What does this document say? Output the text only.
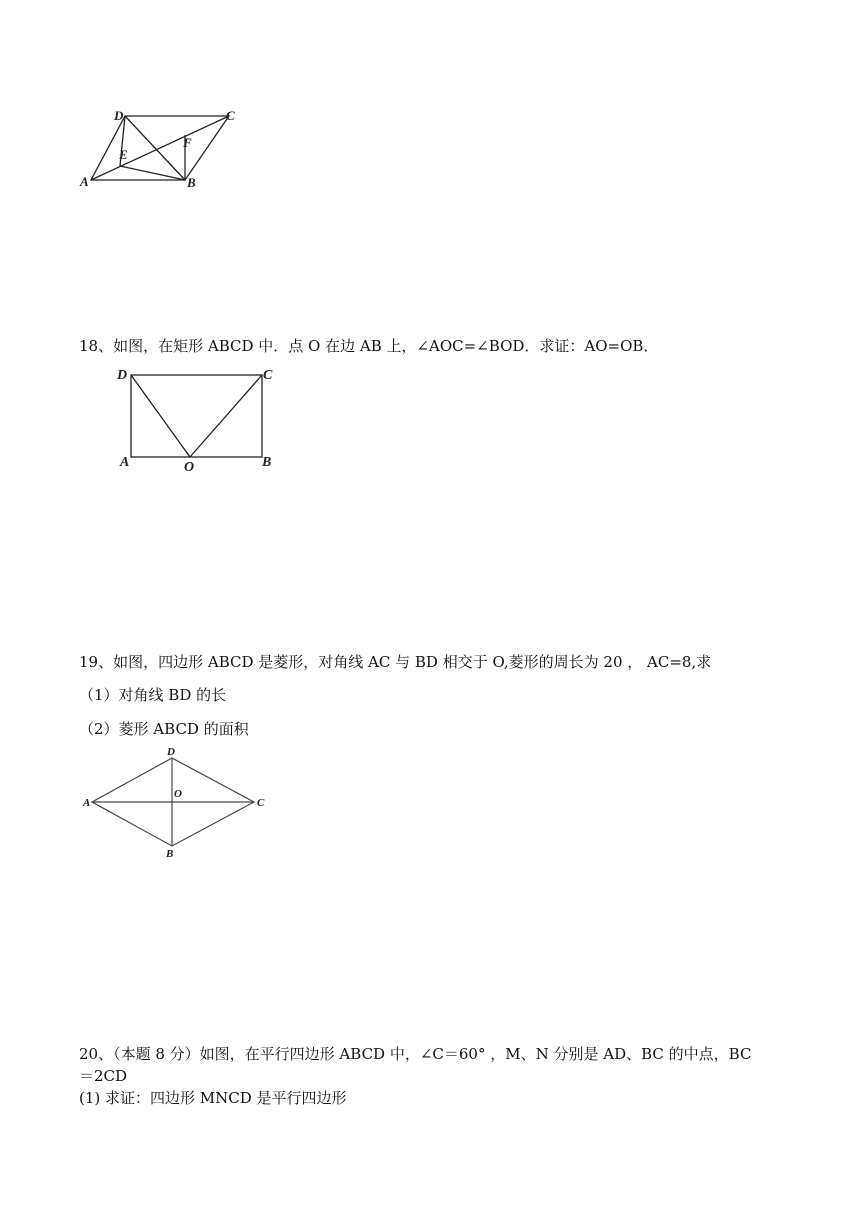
D	C
E
F
A	B
18、如图，在矩形 ABCD 中．点 O 在边 AB 上，∠AOC=∠BOD．求证：AO=OB．
D	C
A	O	B
19、如图，四边形 ABCD 是菱形，对角线 AC 与 BD 相交于 O,菱形的周长为 20 ， AC=8,求
（1）对角线 BD 的长
（2）菱形 ABCD 的面积
D
A	C
O
B
20、（本题 8 分）如图，在平行四边形 ABCD 中，∠C＝60° ，M、N 分别是 AD、BC 的中点，BC
＝2CD
(1) 求证：四边形 MNCD 是平行四边形
